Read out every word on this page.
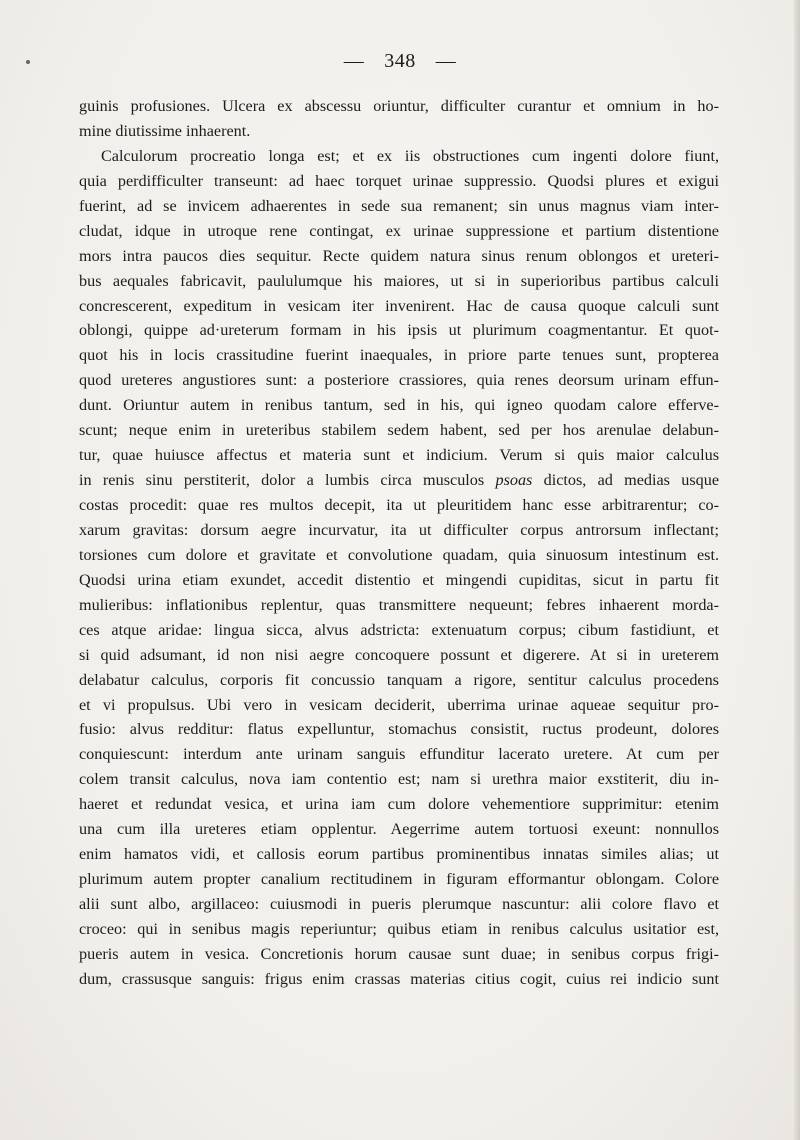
— 348 —
guinis profusiones. Ulcera ex abscessu oriuntur, difficulter curantur et omnium in ho-
mine diutissime inhaerent.
Calculorum procreatio longa est; et ex iis obstructiones cum ingenti dolore fiunt,
quia perdifficulter transeunt: ad haec torquet urinae suppressio. Quodsi plures et exigui
fuerint, ad se invicem adhaerentes in sede sua remanent; sin unus magnus viam inter-
cludat, idque in utroque rene contingat, ex urinae suppressione et partium distentione
mors intra paucos dies sequitur. Recte quidem natura sinus renum oblongos et ureteri-
bus aequales fabricavit, paululumque his maiores, ut si in superioribus partibus calculi
concrescerent, expeditum in vesicam iter invenirent. Hac de causa quoque calculi sunt
oblongi, quippe ad·ureterum formam in his ipsis ut plurimum coagmentantur. Et quot-
quot his in locis crassitudine fuerint inaequales, in priore parte tenues sunt, propterea
quod ureteres angustiores sunt: a posteriore crassiores, quia renes deorsum urinam effun-
dunt. Oriuntur autem in renibus tantum, sed in his, qui igneo quodam calore efferve-
scunt; neque enim in ureteribus stabilem sedem habent, sed per hos arenulae delabun-
tur, quae huiusce affectus et materia sunt et indicium. Verum si quis maior calculus
in renis sinu perstiterit, dolor a lumbis circa musculos psoas dictos, ad medias usque
costas procedit: quae res multos decepit, ita ut pleuritidem hanc esse arbitrarentur; co-
xarum gravitas: dorsum aegre incurvatur, ita ut difficulter corpus antrorsum inflectant;
torsiones cum dolore et gravitate et convolutione quadam, quia sinuosum intestinum est.
Quodsi urina etiam exundet, accedit distentio et mingendi cupiditas, sicut in partu fit
mulieribus: inflationibus replentur, quas transmittere nequeunt; febres inhaerent morda-
ces atque aridae: lingua sicca, alvus adstricta: extenuatum corpus; cibum fastidiunt, et
si quid adsumant, id non nisi aegre concoquere possunt et digerere. At si in ureterem
delabatur calculus, corporis fit concussio tanquam a rigore, sentitur calculus procedens
et vi propulsus. Ubi vero in vesicam deciderit, uberrima urinae aqueae sequitur pro-
fusio: alvus redditur: flatus expelluntur, stomachus consistit, ructus prodeunt, dolores
conquiescunt: interdum ante urinam sanguis effunditur lacerato uretere. At cum per
colem transit calculus, nova iam contentio est; nam si urethra maior exstiterit, diu in-
haeret et redundat vesica, et urina iam cum dolore vehementiore supprimitur: etenim
una cum illa ureteres etiam opplentur. Aegerrime autem tortuosi exeunt: nonnullos
enim hamatos vidi, et callosis eorum partibus prominentibus innatas similes alias; ut
plurimum autem propter canalium rectitudinem in figuram efformantur oblongam. Colore
alii sunt albo, argillaceo: cuiusmodi in pueris plerumque nascuntur: alii colore flavo et
croceo: qui in senibus magis reperiuntur; quibus etiam in renibus calculus usitatior est,
pueris autem in vesica. Concretionis horum causae sunt duae; in senibus corpus frigi-
dum, crassusque sanguis: frigus enim crassas materias citius cogit, cuius rei indicio sunt
